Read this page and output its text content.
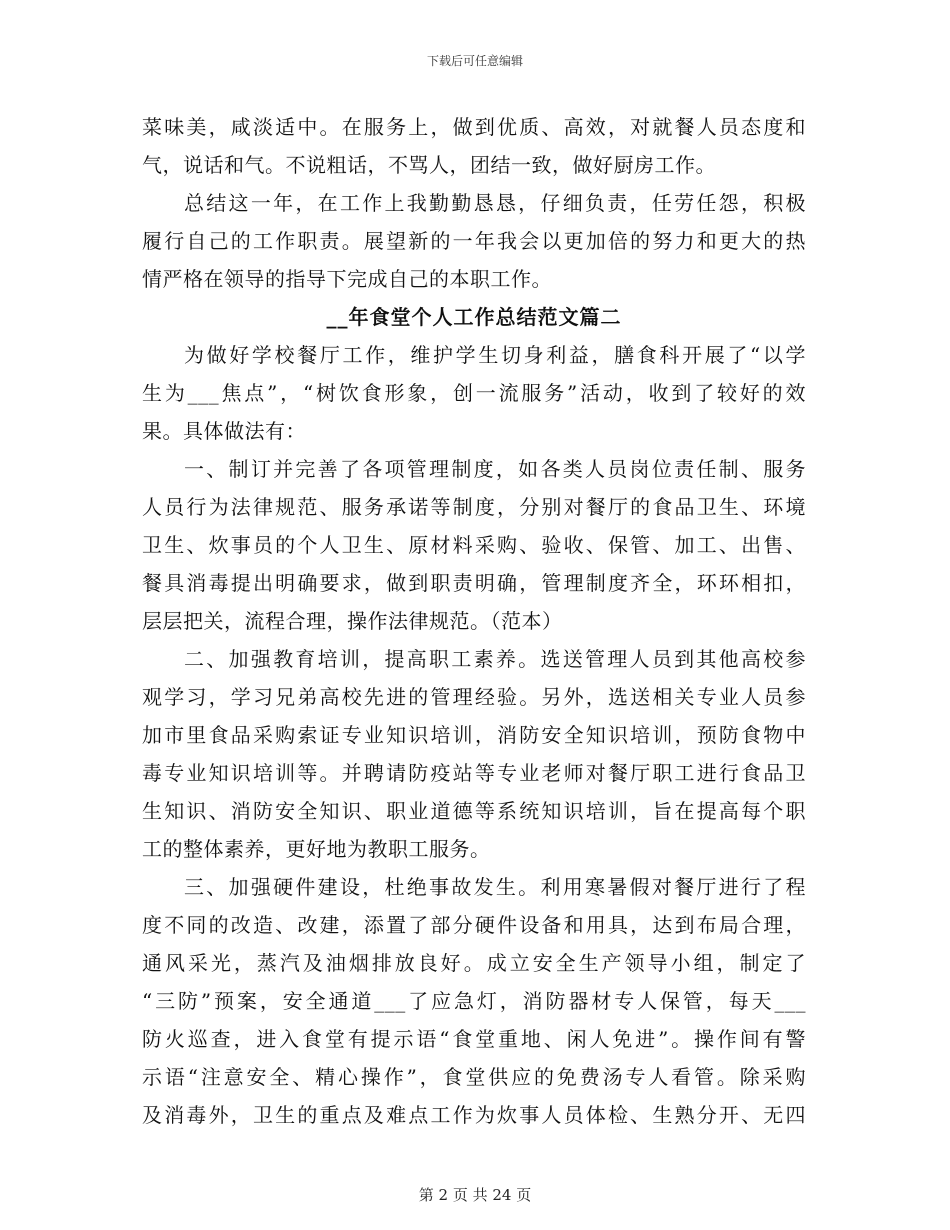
下载后可任意编辑
菜味美，咸淡适中。在服务上，做到优质、高效，对就餐人员态度和
气，说话和气。不说粗话，不骂人，团结一致，做好厨房工作。
总结这一年，在工作上我勤勤恳恳，仔细负责，任劳任怨，积极
履行自己的工作职责。展望新的一年我会以更加倍的努力和更大的热
情严格在领导的指导下完成自己的本职工作。
__年食堂个人工作总结范文篇二
为做好学校餐厅工作，维护学生切身利益，膳食科开展了“以学
生为___焦点”，“树饮食形象，创一流服务”活动，收到了较好的效
果。具体做法有：
一、制订并完善了各项管理制度，如各类人员岗位责任制、服务
人员行为法律规范、服务承诺等制度，分别对餐厅的食品卫生、环境
卫生、炊事员的个人卫生、原材料采购、验收、保管、加工、出售、
餐具消毒提出明确要求，做到职责明确，管理制度齐全，环环相扣，
层层把关，流程合理，操作法律规范。（范本）
二、加强教育培训，提高职工素养。选送管理人员到其他高校参
观学习，学习兄弟高校先进的管理经验。另外，选送相关专业人员参
加市里食品采购索证专业知识培训，消防安全知识培训，预防食物中
毒专业知识培训等。并聘请防疫站等专业老师对餐厅职工进行食品卫
生知识、消防安全知识、职业道德等系统知识培训，旨在提高每个职
工的整体素养，更好地为教职工服务。
三、加强硬件建设，杜绝事故发生。利用寒暑假对餐厅进行了程
度不同的改造、改建，添置了部分硬件设备和用具，达到布局合理，
通风采光，蒸汽及油烟排放良好。成立安全生产领导小组，制定了
“三防”预案，安全通道___了应急灯，消防器材专人保管，每天___
防火巡查，进入食堂有提示语“食堂重地、闲人免进”。操作间有警
示语“注意安全、精心操作”，食堂供应的免费汤专人看管。除采购
及消毒外，卫生的重点及难点工作为炊事人员体检、生熟分开、无四
第 2 页 共 24 页
